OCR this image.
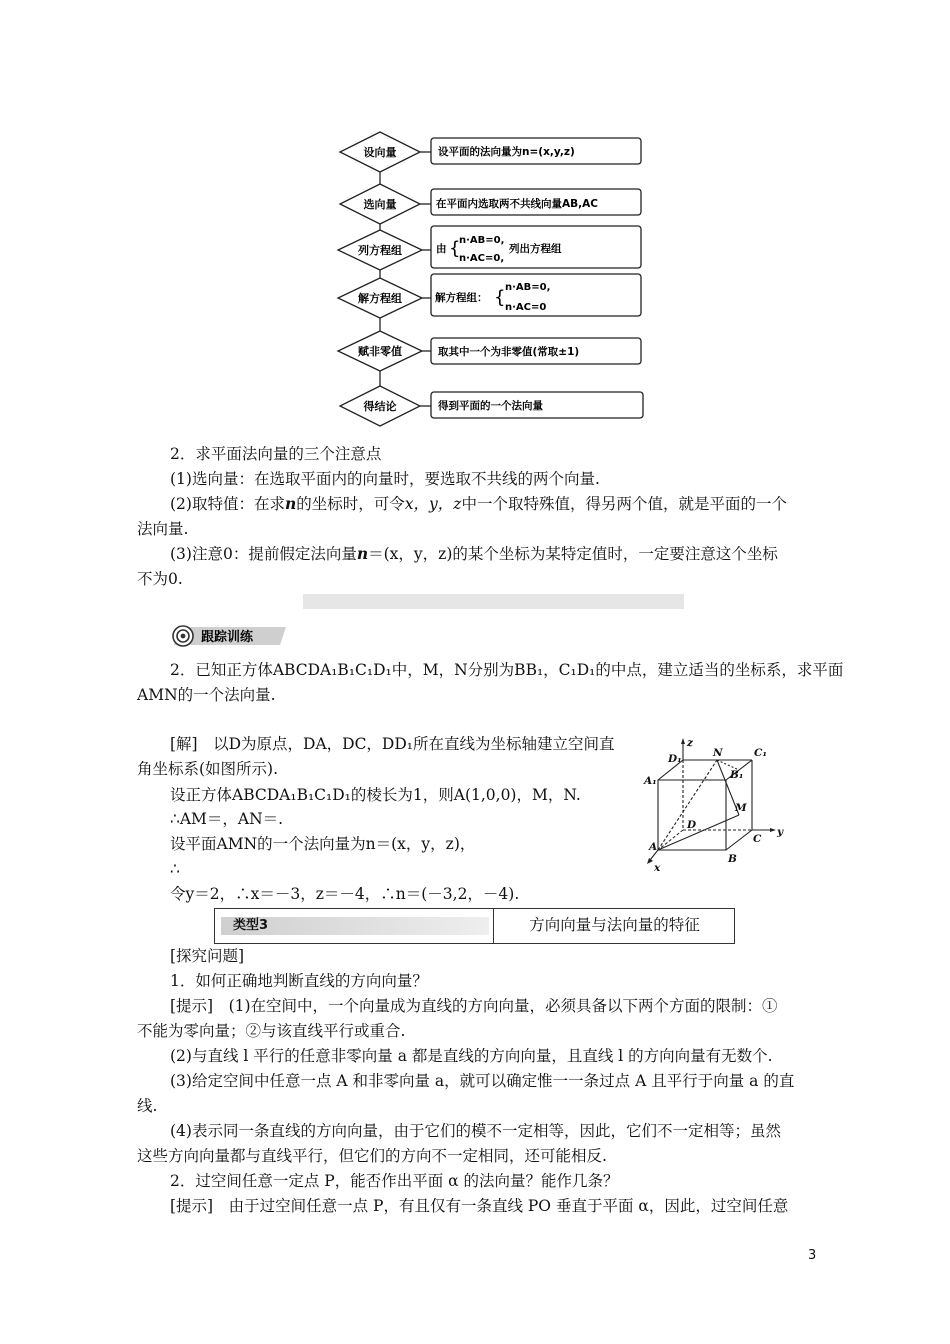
设向量	设平面的法向量为n=(x,y,z)
选向量	在平面内选取两不共线向量AB,AC
列方程组	由 {
n·AB=0,
n·AC=0,
列出方程组
解方程组	解方程组： { n·AB=0,
n·AC=0
赋非零值	取其中一个为非零值(常取±1)
得结论	得到平面的一个法向量
2．求平面法向量的三个注意点
(1)选向量：在选取平面内的向量时，要选取不共线的两个向量.
(2)取特值：在求n的坐标时，可令x，y，z中一个取特殊值，得另两个值，就是平面的一个
法向量.
(3)注意0：提前假定法向量n＝(x，y，z)的某个坐标为某特定值时，一定要注意这个坐标
不为0.
跟踪训练
2．已知正方体ABCDA₁B₁C₁D₁中，M，N分别为BB₁，C₁D₁的中点，建立适当的坐标系，求平面
AMN的一个法向量.
[解]　以D为原点，DA，DC，DD₁所在直线为坐标轴建立空间直
角坐标系(如图所示).
设正方体ABCDA₁B₁C₁D₁的棱长为1，则A(1,0,0)，M，N.
∴AM＝，AN＝.
设平面AMN的一个法向量为n＝(x，y，z)，
∴
令y＝2，∴x＝－3，z＝－4，∴n＝(－3,2，－4).
z
D₁	N	C₁
A₁	B₁
M
D
C
y
A
B
x
类型3	方向向量与法向量的特征
[探究问题]
1．如何正确地判断直线的方向向量？
[提示]　(1)在空间中，一个向量成为直线的方向向量，必须具备以下两个方面的限制：①
不能为零向量；②与该直线平行或重合.
(2)与直线 l 平行的任意非零向量 a 都是直线的方向向量，且直线 l 的方向向量有无数个.
(3)给定空间中任意一点 A 和非零向量 a，就可以确定惟一一条过点 A 且平行于向量 a 的直
线.
(4)表示同一条直线的方向向量，由于它们的模不一定相等，因此，它们不一定相等；虽然
这些方向向量都与直线平行，但它们的方向不一定相同，还可能相反.
2．过空间任意一定点 P，能否作出平面 α 的法向量？能作几条？
[提示]　由于过空间任意一点 P，有且仅有一条直线 PO 垂直于平面 α，因此，过空间任意
3
